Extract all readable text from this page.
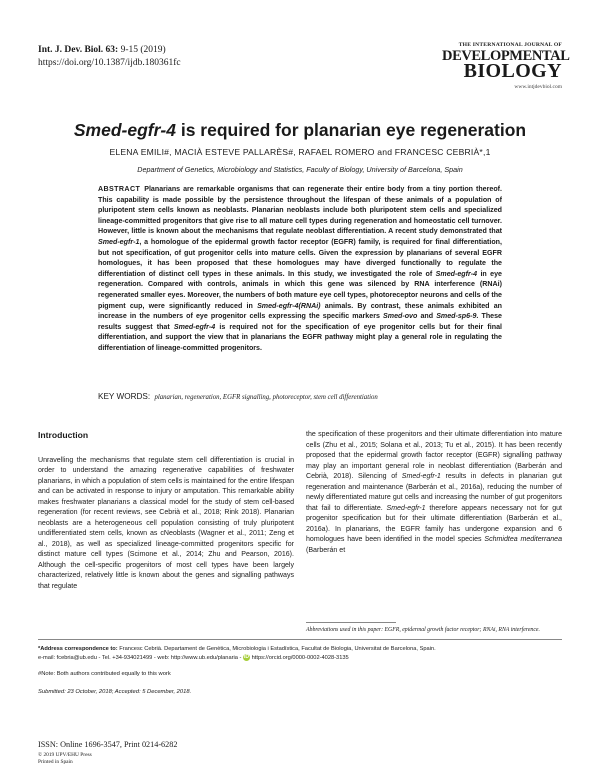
Int. J. Dev. Biol. 63: 9-15 (2019)
https://doi.org/10.1387/ijdb.180361fc
THE INTERNATIONAL JOURNAL OF
DEVELOPMENTAL
BIOLOGY
www.intjdevbiol.com
Smed-egfr-4 is required for planarian eye regeneration
ELENA EMILI#, MACIÀ ESTEVE PALLARÈS#, RAFAEL ROMERO and FRANCESC CEBRIÀ*,1
Department of Genetics, Microbiology and Statistics, Faculty of Biology, University of Barcelona, Spain
ABSTRACT Planarians are remarkable organisms that can regenerate their entire body from a tiny portion thereof. This capability is made possible by the persistence throughout the lifespan of these animals of a population of pluripotent stem cells known as neoblasts. Planarian neoblasts include both pluripotent stem cells and specialized lineage-committed progenitors that give rise to all mature cell types during regeneration and homeostatic cell turnover. However, little is known about the mechanisms that regulate neoblast differentiation. A recent study demonstrated that Smed-egfr-1, a homologue of the epidermal growth factor receptor (EGFR) family, is required for final differentiation, but not specification, of gut progenitor cells into mature cells. Given the expression by planarians of several EGFR homologues, it has been proposed that these homologues may have diverged functionally to regulate the differentiation of distinct cell types in these animals. In this study, we investigated the role of Smed-egfr-4 in eye regeneration. Compared with controls, animals in which this gene was silenced by RNA interference (RNAi) regenerated smaller eyes. Moreover, the numbers of both mature eye cell types, photoreceptor neurons and cells of the pigment cup, were significantly reduced in Smed-egfr-4(RNAi) animals. By contrast, these animals exhibited an increase in the numbers of eye progenitor cells expressing the specific markers Smed-ovo and Smed-sp6-9. These results suggest that Smed-egfr-4 is required not for the specification of eye progenitor cells but for their final differentiation, and support the view that in planarians the EGFR pathway might play a general role in regulating the differentiation of lineage-committed progenitors.
KEY WORDS: planarian, regeneration, EGFR signalling, photoreceptor, stem cell differentiation
Introduction

Unravelling the mechanisms that regulate stem cell differentiation is crucial in order to understand the amazing regenerative capabilities of freshwater planarians, in which a population of stem cells is maintained for the entire lifespan and can be activated in response to injury or amputation. This remarkable ability makes freshwater planarians a classical model for the study of stem cell-based regeneration (for recent reviews, see Cebrià et al., 2018; Rink 2018). Planarian neoblasts are a heterogeneous cell population consisting of truly pluripotent undifferentiated stem cells, known as cNeoblasts (Wagner et al., 2011; Zeng et al., 2018), as well as specialized lineage-committed progenitors specific for distinct mature cell types (Scimone et al., 2014; Zhu and Pearson, 2016). Although the cell-specific progenitors of most cell types have been largely characterized, relatively little is known about the genes and signalling pathways that regulate

the specification of these progenitors and their ultimate differentiation into mature cells (Zhu et al., 2015; Solana et al., 2013; Tu et al., 2015). It has been recently proposed that the epidermal growth factor receptor (EGFR) signalling pathway may play an important general role in neoblast differentiation (Barberán and Cebrià, 2018). Silencing of Smed-egfr-1 results in defects in planarian gut regeneration and maintenance (Barberán et al., 2016a), reducing the number of newly differentiated mature gut cells and increasing the number of gut progenitors that fail to differentiate. Smed-egfr-1 therefore appears necessary not for gut progenitor specification but for their ultimate differentiation (Barberán et al., 2016a). In planarians, the EGFR family has undergone expansion and 6 homologues have been identified in the model species Schmidtea mediterranea (Barberán et

Abbreviations used in this paper: EGFR, epidermal growth factor receptor; RNAi, RNA interference.
*Address correspondence to: Francesc Cebrià. Departament de Genètica, Microbiologia i Estadística, Facultat de Biologia, Universitat de Barcelona, Spain.
e-mail: fcebria@ub.edu - Tel. +34-934021499 - web: http://www.ub.edu/planaria - iD https://orcid.org/0000-0002-4028-3135
#Note: Both authors contributed equally to this work
Submitted: 23 October, 2018; Accepted: 5 December, 2018.
ISSN: Online 1696-3547, Print 0214-6282
© 2019 UPV/EHU Press
Printed in Spain
